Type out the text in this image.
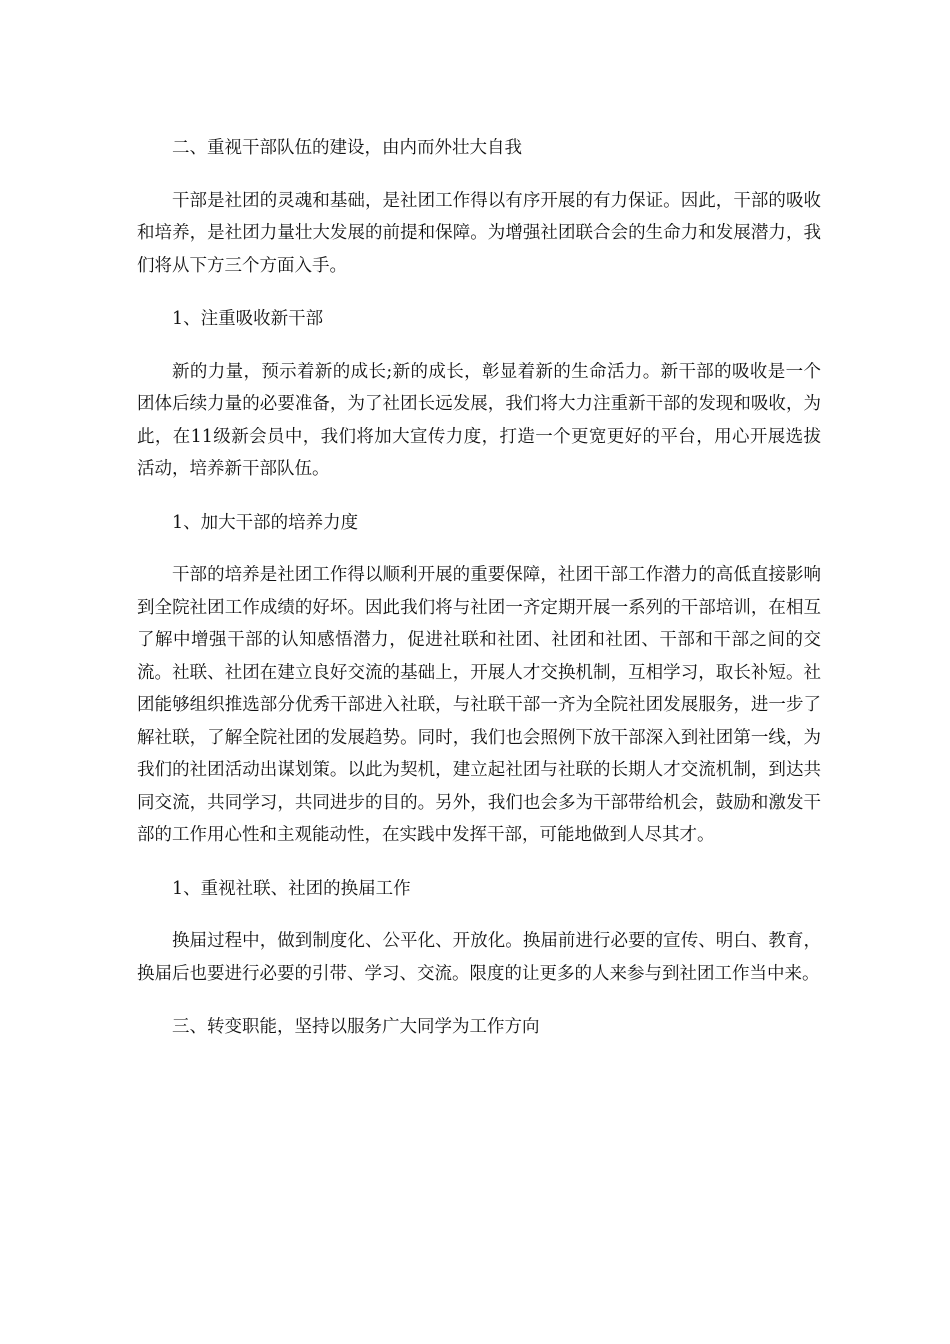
二、重视干部队伍的建设，由内而外壮大自我

干部是社团的灵魂和基础，是社团工作得以有序开展的有力保证。因此，干部的吸收和培养，是社团力量壮大发展的前提和保障。为增强社团联合会的生命力和发展潜力，我们将从下方三个方面入手。

1、注重吸收新干部

新的力量，预示着新的成长;新的成长，彰显着新的生命活力。新干部的吸收是一个团体后续力量的必要准备，为了社团长远发展，我们将大力注重新干部的发现和吸收，为此，在11级新会员中，我们将加大宣传力度，打造一个更宽更好的平台，用心开展选拔活动，培养新干部队伍。

1、加大干部的培养力度

干部的培养是社团工作得以顺利开展的重要保障，社团干部工作潜力的高低直接影响到全院社团工作成绩的好坏。因此我们将与社团一齐定期开展一系列的干部培训，在相互了解中增强干部的认知感悟潜力，促进社联和社团、社团和社团、干部和干部之间的交流。社联、社团在建立良好交流的基础上，开展人才交换机制，互相学习，取长补短。社团能够组织推选部分优秀干部进入社联，与社联干部一齐为全院社团发展服务，进一步了解社联，了解全院社团的发展趋势。同时，我们也会照例下放干部深入到社团第一线，为我们的社团活动出谋划策。以此为契机，建立起社团与社联的长期人才交流机制，到达共同交流，共同学习，共同进步的目的。另外，我们也会多为干部带给机会，鼓励和激发干部的工作用心性和主观能动性，在实践中发挥干部，可能地做到人尽其才。

1、重视社联、社团的换届工作

换届过程中，做到制度化、公平化、开放化。换届前进行必要的宣传、明白、教育，换届后也要进行必要的引带、学习、交流。限度的让更多的人来参与到社团工作当中来。

三、转变职能，坚持以服务广大同学为工作方向
